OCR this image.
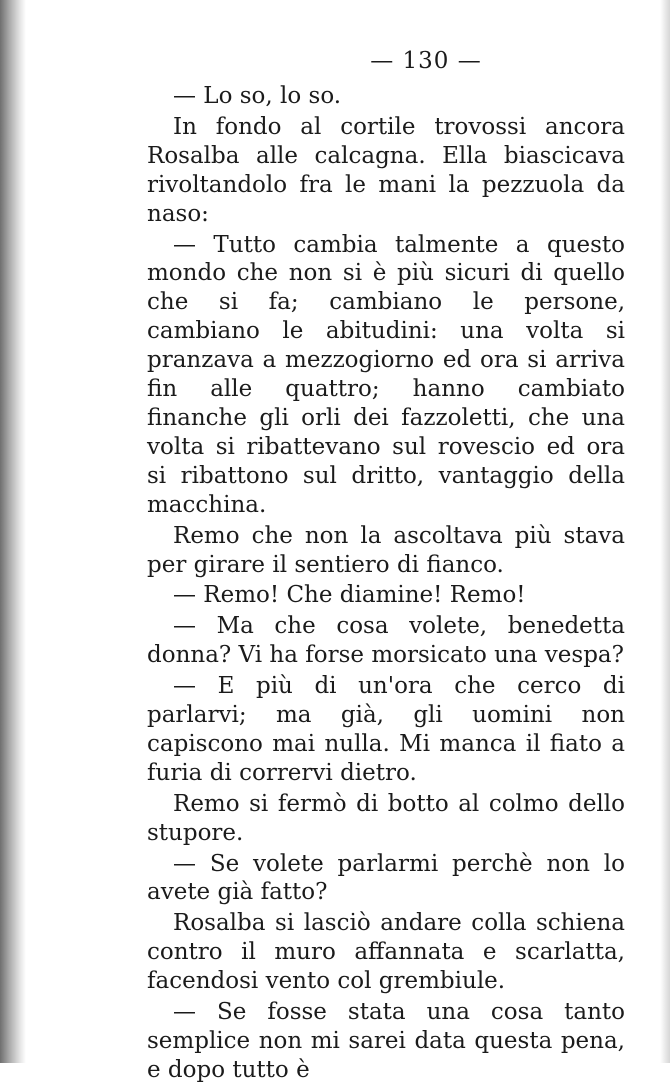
— 130 —

— Lo so, lo so.

In fondo al cortile trovossi ancora Rosalba alle calcagna. Ella biascicava rivoltandolo fra le mani la pezzuola da naso:

— Tutto cambia talmente a questo mondo che non si è più sicuri di quello che si fa; cambiano le persone, cambiano le abitudini: una volta si pranzava a mezzogiorno ed ora si arriva fin alle quattro; hanno cambiato finanche gli orli dei fazzoletti, che una volta si ribattevano sul rovescio ed ora si ribattono sul dritto, vantaggio della macchina.

Remo che non la ascoltava più stava per girare il sentiero di fianco.

— Remo! Che diamine! Remo!

— Ma che cosa volete, benedetta donna? Vi ha forse morsicato una vespa?

— E più di un'ora che cerco di parlarvi; ma già, gli uomini non capiscono mai nulla. Mi manca il fiato a furia di corrervi dietro.

Remo si fermò di botto al colmo dello stupore.

— Se volete parlarmi perchè non lo avete già fatto?

Rosalba si lasciò andare colla schiena contro il muro affannata e scarlatta, facendosi vento col grembiule.

— Se fosse stata una cosa tanto semplice non mi sarei data questa pena, e dopo tutto è
